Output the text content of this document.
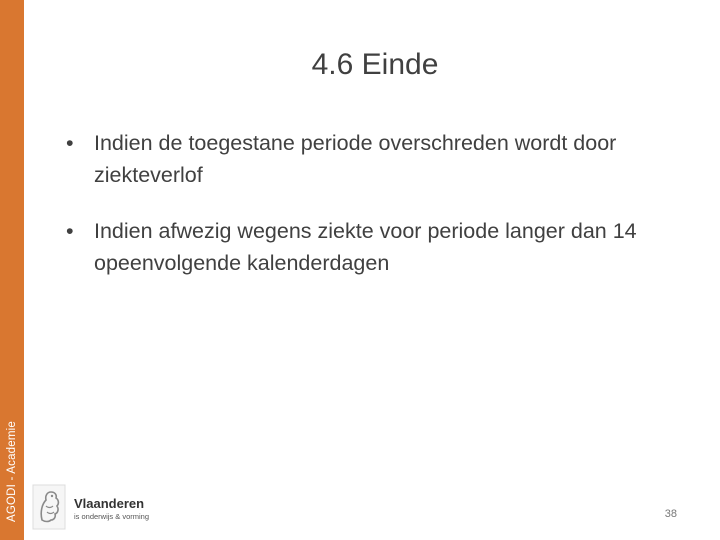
AGODI - Academie
4.6 Einde
• Indien de toegestane periode overschreden wordt door ziekteverlof
• Indien afwezig wegens ziekte voor periode langer dan 14 opeenvolgende kalenderdagen
Vlaanderen
is onderwijs & vorming	38
